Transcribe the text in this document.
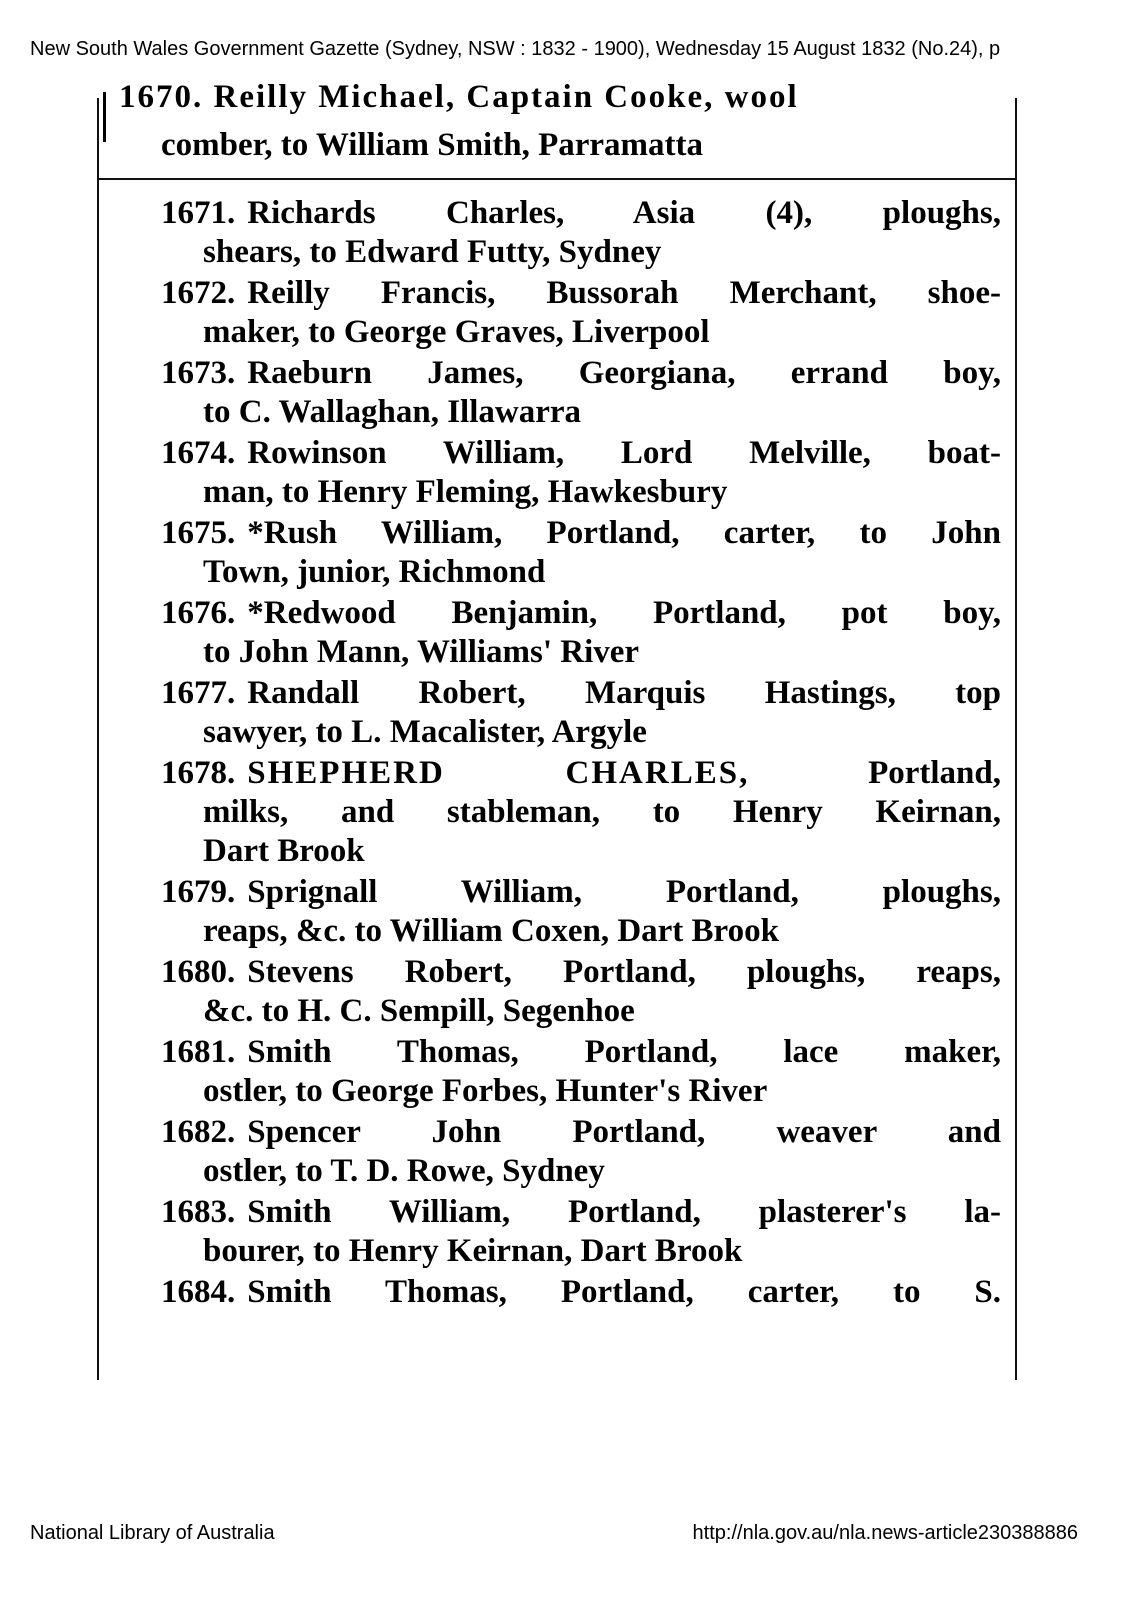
New South Wales Government Gazette (Sydney, NSW : 1832 - 1900), Wednesday 15 August 1832 (No.24), p
1670. Reilly Michael, Captain Cooke, wool
comber, to William Smith, Parramatta
1671. Richards Charles, Asia (4), ploughs,
shears, to Edward Futty, Sydney
1672. Reilly Francis, Bussorah Merchant, shoe-
maker, to George Graves, Liverpool
1673. Raeburn James, Georgiana, errand boy,
to C. Wallaghan, Illawarra
1674. Rowinson William, Lord Melville, boat-
man, to Henry Fleming, Hawkesbury
1675. *Rush William, Portland, carter, to John
Town, junior, Richmond
1676. *Redwood Benjamin, Portland, pot boy,
to John Mann, Williams' River
1677. Randall Robert, Marquis Hastings, top
sawyer, to L. Macalister, Argyle
1678. SHEPHERD CHARLES,	Portland,
milks, and stableman, to Henry Keirnan,
Dart Brook
1679. Sprignall William, Portland, ploughs,
reaps, &c. to William Coxen, Dart Brook
1680. Stevens Robert, Portland, ploughs, reaps,
&c. to H. C. Sempill, Segenhoe
1681. Smith Thomas, Portland, lace maker,
ostler, to George Forbes, Hunter's River
1682. Spencer John Portland, weaver and
ostler, to T. D. Rowe, Sydney
1683. Smith William, Portland, plasterer's la-
bourer, to Henry Keirnan, Dart Brook
1684. Smith Thomas, Portland, carter, to S.
National Library of Australia	http://nla.gov.au/nla.news-article230388886
